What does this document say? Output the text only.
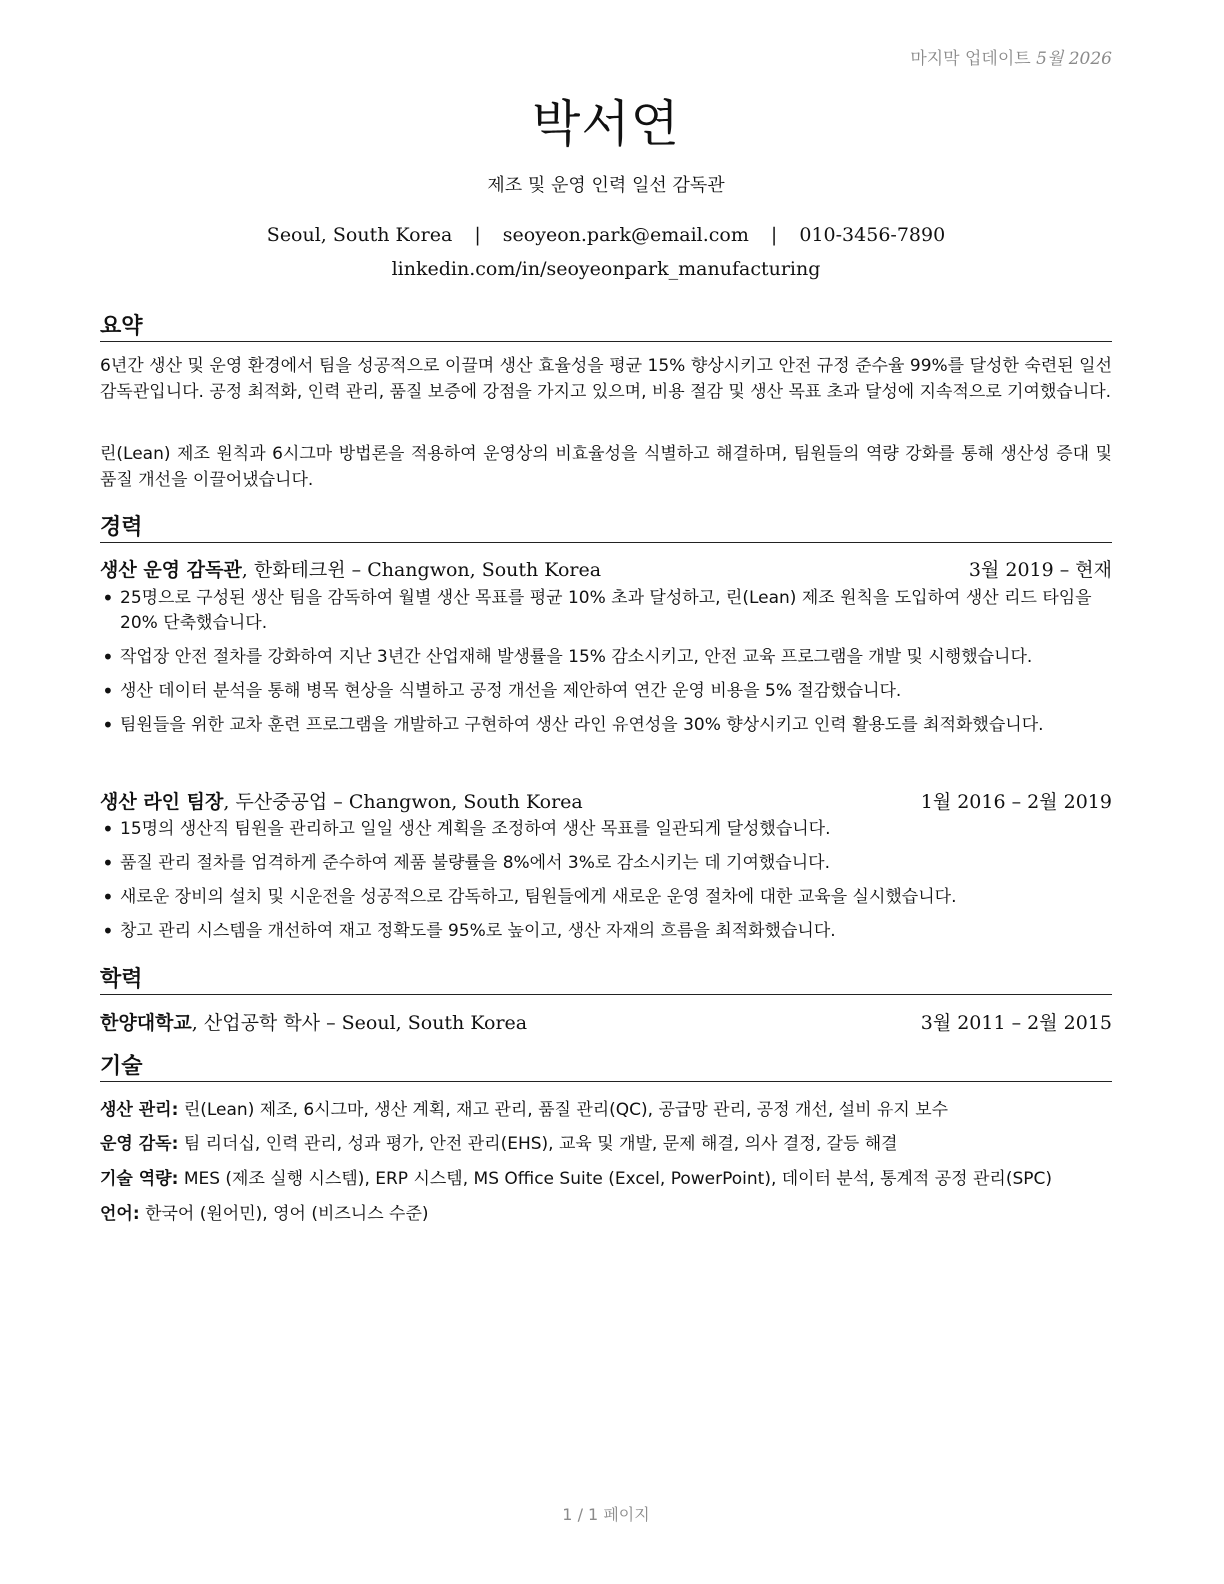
마지막 업데이트 5월 2026
박서연
제조 및 운영 인력 일선 감독관
Seoul, South Korea | seoyeon.park@email.com | 010-3456-7890
linkedin.com/in/seoyeonpark_manufacturing
요약
6년간 생산 및 운영 환경에서 팀을 성공적으로 이끌며 생산 효율성을 평균 15% 향상시키고 안전 규정 준수율 99%를 달성한 숙련된 일선 감독관입니다. 공정 최적화, 인력 관리, 품질 보증에 강점을 가지고 있으며, 비용 절감 및 생산 목표 초과 달성에 지속적으로 기여했습니다.
린(Lean) 제조 원칙과 6시그마 방법론을 적용하여 운영상의 비효율성을 식별하고 해결하며, 팀원들의 역량 강화를 통해 생산성 증대 및 품질 개선을 이끌어냈습니다.
경력
생산 운영 감독관, 한화테크윈 – Changwon, South Korea	3월 2019 – 현재
• 25명으로 구성된 생산 팀을 감독하여 월별 생산 목표를 평균 10% 초과 달성하고, 린(Lean) 제조 원칙을 도입하여 생산 리드 타임을 20% 단축했습니다.
• 작업장 안전 절차를 강화하여 지난 3년간 산업재해 발생률을 15% 감소시키고, 안전 교육 프로그램을 개발 및 시행했습니다.
• 생산 데이터 분석을 통해 병목 현상을 식별하고 공정 개선을 제안하여 연간 운영 비용을 5% 절감했습니다.
• 팀원들을 위한 교차 훈련 프로그램을 개발하고 구현하여 생산 라인 유연성을 30% 향상시키고 인력 활용도를 최적화했습니다.
생산 라인 팀장, 두산중공업 – Changwon, South Korea	1월 2016 – 2월 2019
• 15명의 생산직 팀원을 관리하고 일일 생산 계획을 조정하여 생산 목표를 일관되게 달성했습니다.
• 품질 관리 절차를 엄격하게 준수하여 제품 불량률을 8%에서 3%로 감소시키는 데 기여했습니다.
• 새로운 장비의 설치 및 시운전을 성공적으로 감독하고, 팀원들에게 새로운 운영 절차에 대한 교육을 실시했습니다.
• 창고 관리 시스템을 개선하여 재고 정확도를 95%로 높이고, 생산 자재의 흐름을 최적화했습니다.
학력
한양대학교, 산업공학 학사 – Seoul, South Korea	3월 2011 – 2월 2015
기술
생산 관리: 린(Lean) 제조, 6시그마, 생산 계획, 재고 관리, 품질 관리(QC), 공급망 관리, 공정 개선, 설비 유지 보수
운영 감독: 팀 리더십, 인력 관리, 성과 평가, 안전 관리(EHS), 교육 및 개발, 문제 해결, 의사 결정, 갈등 해결
기술 역량: MES (제조 실행 시스템), ERP 시스템, MS Office Suite (Excel, PowerPoint), 데이터 분석, 통계적 공정 관리(SPC)
언어: 한국어 (원어민), 영어 (비즈니스 수준)
1 / 1 페이지
